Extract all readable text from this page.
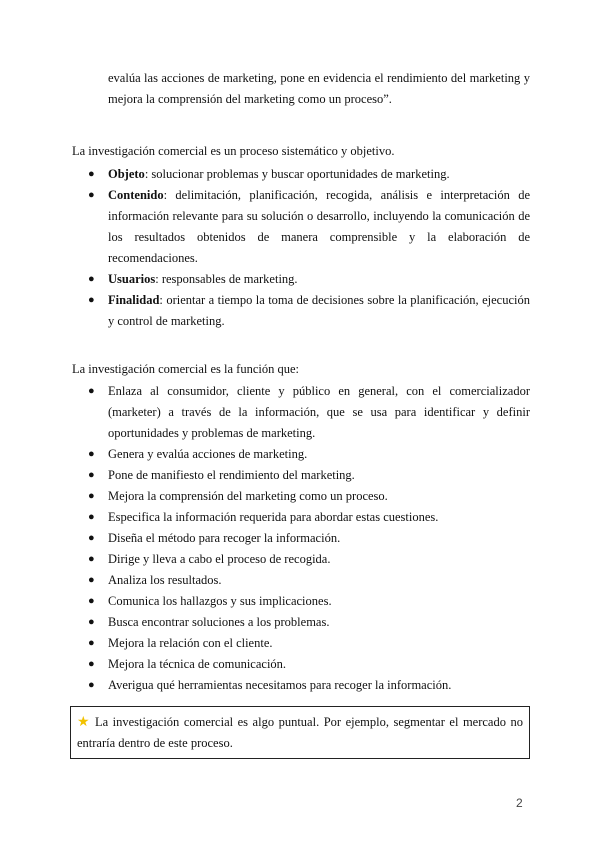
evalúa las acciones de marketing, pone en evidencia el rendimiento del marketing y mejora la comprensión del marketing como un proceso”.
La investigación comercial es un proceso sistemático y objetivo.
● Objeto: solucionar problemas y buscar oportunidades de marketing.
● Contenido: delimitación, planificación, recogida, análisis e interpretación de información relevante para su solución o desarrollo, incluyendo la comunicación de los resultados obtenidos de manera comprensible y la elaboración de recomendaciones.
● Usuarios: responsables de marketing.
● Finalidad: orientar a tiempo la toma de decisiones sobre la planificación, ejecución y control de marketing.
La investigación comercial es la función que:
● Enlaza al consumidor, cliente y público en general, con el comercializador (marketer) a través de la información, que se usa para identificar y definir oportunidades y problemas de marketing.
● Genera y evalúa acciones de marketing.
● Pone de manifiesto el rendimiento del marketing.
● Mejora la comprensión del marketing como un proceso.
● Especifica la información requerida para abordar estas cuestiones.
● Diseña el método para recoger la información.
● Dirige y lleva a cabo el proceso de recogida.
● Analiza los resultados.
● Comunica los hallazgos y sus implicaciones.
● Busca encontrar soluciones a los problemas.
● Mejora la relación con el cliente.
● Mejora la técnica de comunicación.
● Averigua qué herramientas necesitamos para recoger la información.
★ La investigación comercial es algo puntual. Por ejemplo, segmentar el mercado no entraría dentro de este proceso.
2
